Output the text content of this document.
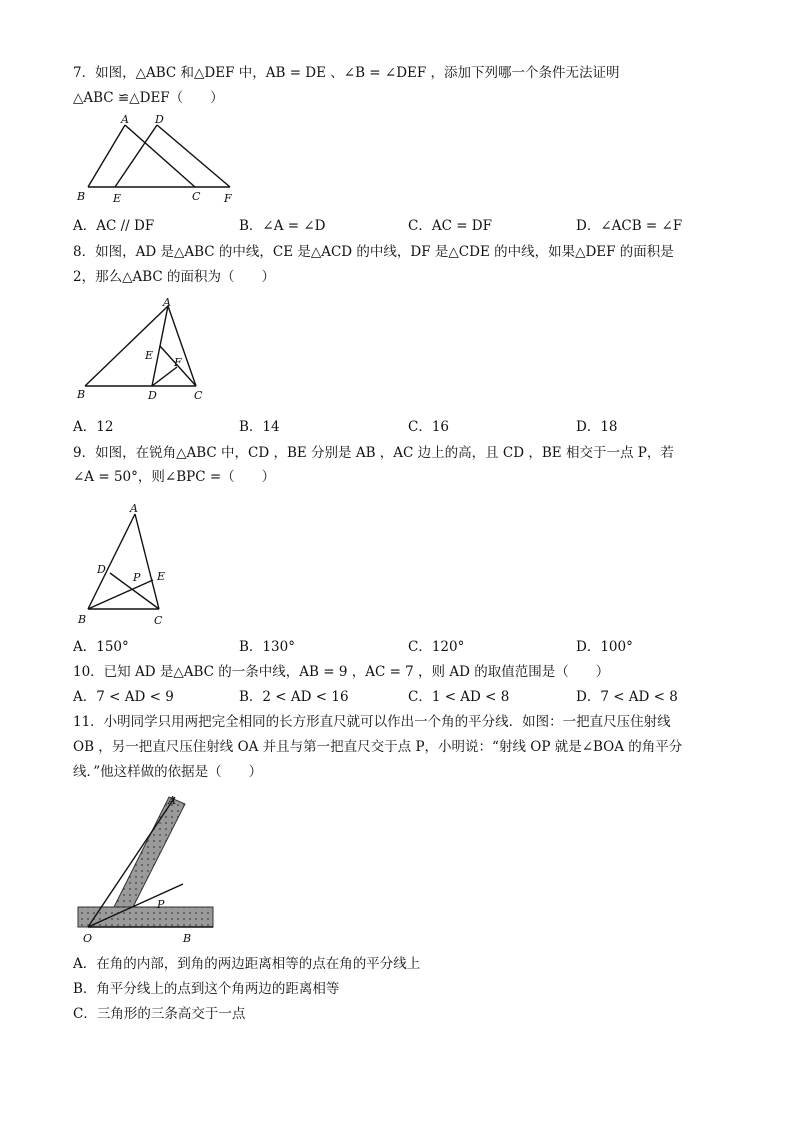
7．如图，△ABC 和△DEF 中，AB = DE 、∠B = ∠DEF ，添加下列哪一个条件无法证明
△ABC ≌△DEF（　　）
A D
B	E	C F
A．AC // DF	B．∠A = ∠D	C．AC = DF	D．∠ACB = ∠F
8．如图，AD 是△ABC 的中线，CE 是△ACD 的中线，DF 是△CDE 的中线，如果△DEF 的面积是
2，那么△ABC 的面积为（　　）
A
E
F
B	D	C
A．12	B．14	C．16	D．18
9．如图，在锐角△ABC 中，CD ，BE 分别是 AB ，AC 边上的高，且 CD ，BE 相交于一点 P，若
∠A = 50°，则∠BPC =（　　）
A
D
P E
B	C
A．150°	B．130°	C．120°	D．100°
10．已知 AD 是△ABC 的一条中线，AB = 9 ，AC = 7 ，则 AD 的取值范围是（　　）
A．7 < AD < 9	B．2 < AD < 16	C．1 < AD < 8	D．7 < AD < 8
11．小明同学只用两把完全相同的长方形直尺就可以作出一个角的平分线．如图：一把直尺压住射线
OB ，另一把直尺压住射线 OA 并且与第一把直尺交于点 P，小明说：“射线 OP 就是∠BOA 的角平分
线．”他这样做的依据是（　　）
A
P
O	B
A．在角的内部，到角的两边距离相等的点在角的平分线上
B．角平分线上的点到这个角两边的距离相等
C．三角形的三条高交于一点
